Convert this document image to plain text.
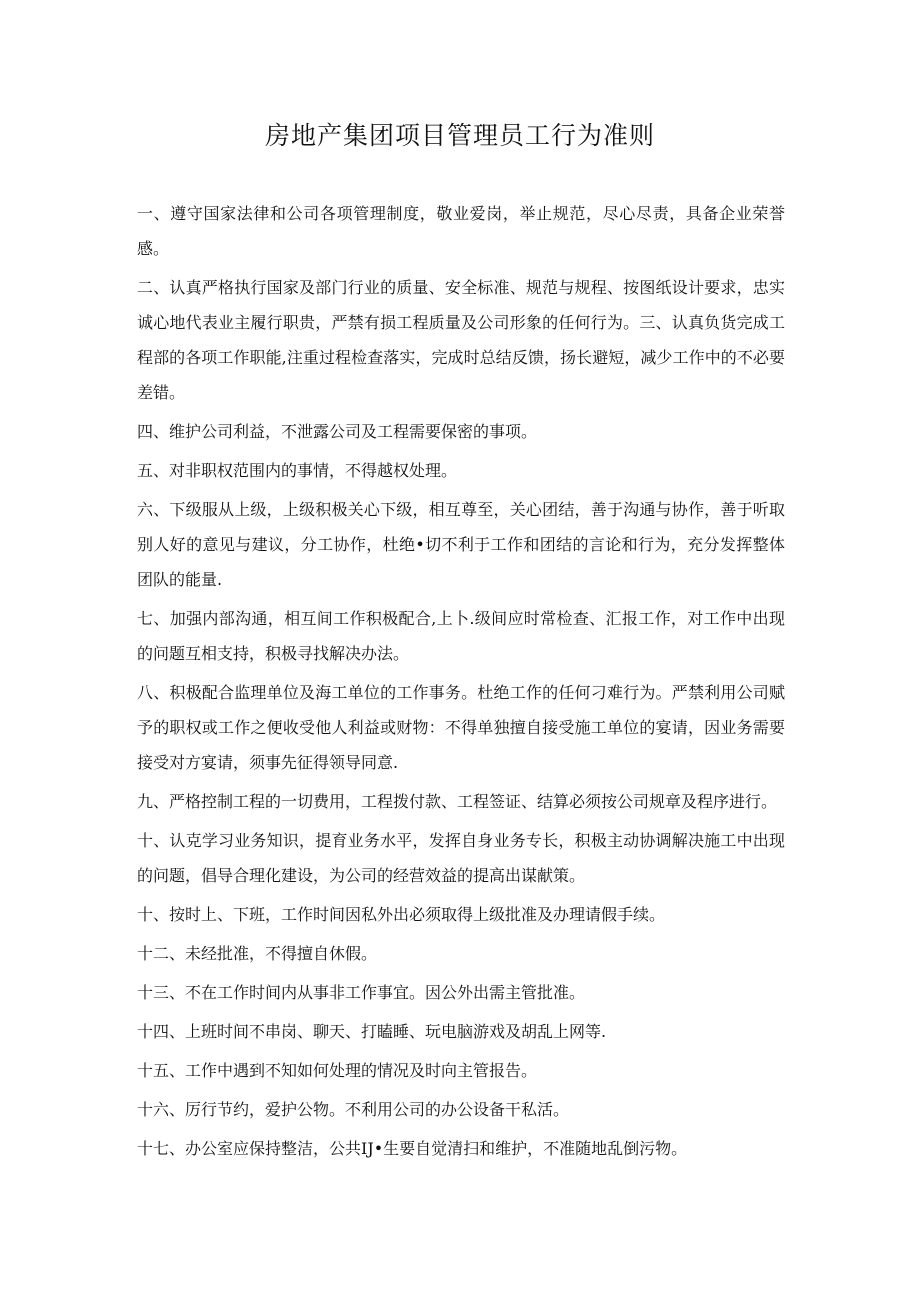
房地产集团项目管理员工行为准则

一、遵守国家法律和公司各项管理制度，敬业爱岗，举止规范，尽心尽责，具备企业荣誉感。

二、认真严格执行国家及部门行业的质量、安全标准、规范与规程、按图纸设计要求，忠实诚心地代表业主履行职贵，严禁有损工程质量及公司形象的任何行为。三、认真负货完成工程部的各项工作职能,注重过程检查落实，完成时总结反馈，扬长避短，减少工作中的不必要差错。

四、维护公司利益，不泄露公司及工程需要保密的事项。

五、对非职权范围内的事情，不得越权处理。

六、下级服从上级，上级积极关心下级，相互尊至，关心团结，善于沟通与协作，善于听取别人好的意见与建议，分工协作，杜绝•切不利于工作和团结的言论和行为，充分发挥整体团队的能量.

七、加强内部沟通，相互间工作积极配合,上卜.级间应时常检查、汇报工作，对工作中出现的问题互相支持，积极寻找解决办法。

八、积极配合监理单位及海工单位的工作事务。杜绝工作的任何刁难行为。严禁利用公司赋予的职权或工作之便收受他人利益或财物：不得单独擅自接受施工单位的宴请，因业务需要接受对方宴请，须事先征得领导同意.

九、严格控制工程的一切费用，工程拨付款、工程签证、结算必须按公司规章及程序进行。

十、认克学习业务知识，提育业务水平，发挥自身业务专长，积极主动协调解决施工中出现的问题，倡导合理化建设，为公司的经营效益的提高出谋献策。

十、按时上、下班，工作时间因私外出必须取得上级批准及办理请假手续。

十二、未经批准，不得擅自休假。

十三、不在工作时间内从事非工作事宜。因公外出需主管批准。

十四、上班时间不串岗、聊天、打瞌睡、玩电脑游戏及胡乱上网等.

十五、工作中遇到不知如何处理的情况及时向主管报告。

十六、厉行节约，爱护公物。不利用公司的办公设备干私活。

十七、办公室应保持整洁，公共IJ•生要自觉清扫和维护，不准随地乱倒污物。
